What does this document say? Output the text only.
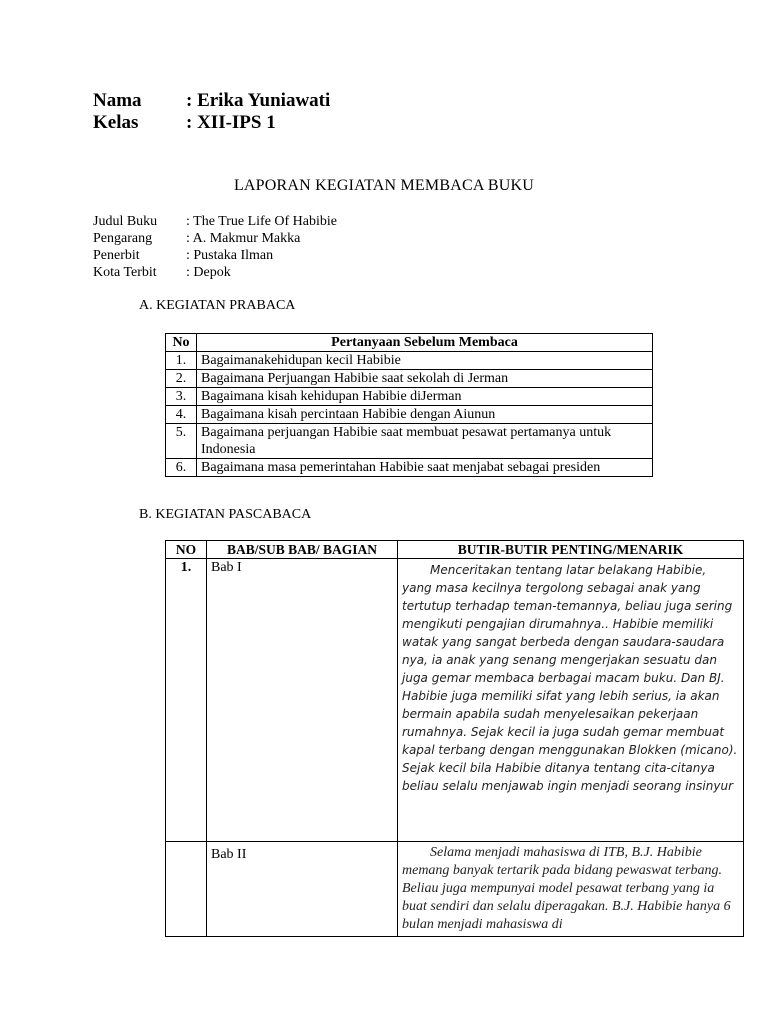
Nama : Erika Yuniawati
Kelas	: XII-IPS 1
LAPORAN KEGIATAN MEMBACA BUKU
Judul Buku : The True Life Of Habibie
Pengarang : A. Makmur Makka
Penerbit	: Pustaka Ilman
Kota Terbit : Depok
A. KEGIATAN PRABACA
No	Pertanyaan Sebelum Membaca
1.	Bagaimanakehidupan kecil Habibie
2.	Bagaimana Perjuangan Habibie saat sekolah di Jerman
3.	Bagaimana kisah kehidupan Habibie diJerman
4.	Bagaimana kisah percintaan Habibie dengan Aiunun
5.	Bagaimana perjuangan Habibie saat membuat pesawat pertamanya untuk Indonesia
6.	Bagaimana masa pemerintahan Habibie saat menjabat sebagai presiden
B. KEGIATAN PASCABACA
NO	BAB/SUB BAB/ BAGIAN	BUTIR-BUTIR PENTING/MENARIK
1.	Bab I	Menceritakan tentang latar belakang Habibie, yang masa kecilnya tergolong sebagai anak yang tertutup terhadap teman-temannya, beliau juga sering mengikuti pengajian dirumahnya.. Habibie memiliki watak yang sangat berbeda dengan saudara-saudara nya, ia anak yang senang mengerjakan sesuatu dan juga gemar membaca berbagai macam buku. Dan BJ. Habibie juga memiliki sifat yang lebih serius, ia akan bermain apabila sudah menyelesaikan pekerjaan rumahnya. Sejak kecil ia juga sudah gemar membuat kapal terbang dengan menggunakan Blokken (micano). Sejak kecil bila Habibie ditanya tentang cita-citanya beliau selalu menjawab ingin menjadi seorang insinyur
	Bab II	Selama menjadi mahasiswa di ITB, B.J. Habibie memang banyak tertarik pada bidang pewaswat terbang. Beliau juga mempunyai model pesawat terbang yang ia buat sendiri dan selalu diperagakan. B.J. Habibie hanya 6 bulan menjadi mahasiswa di
